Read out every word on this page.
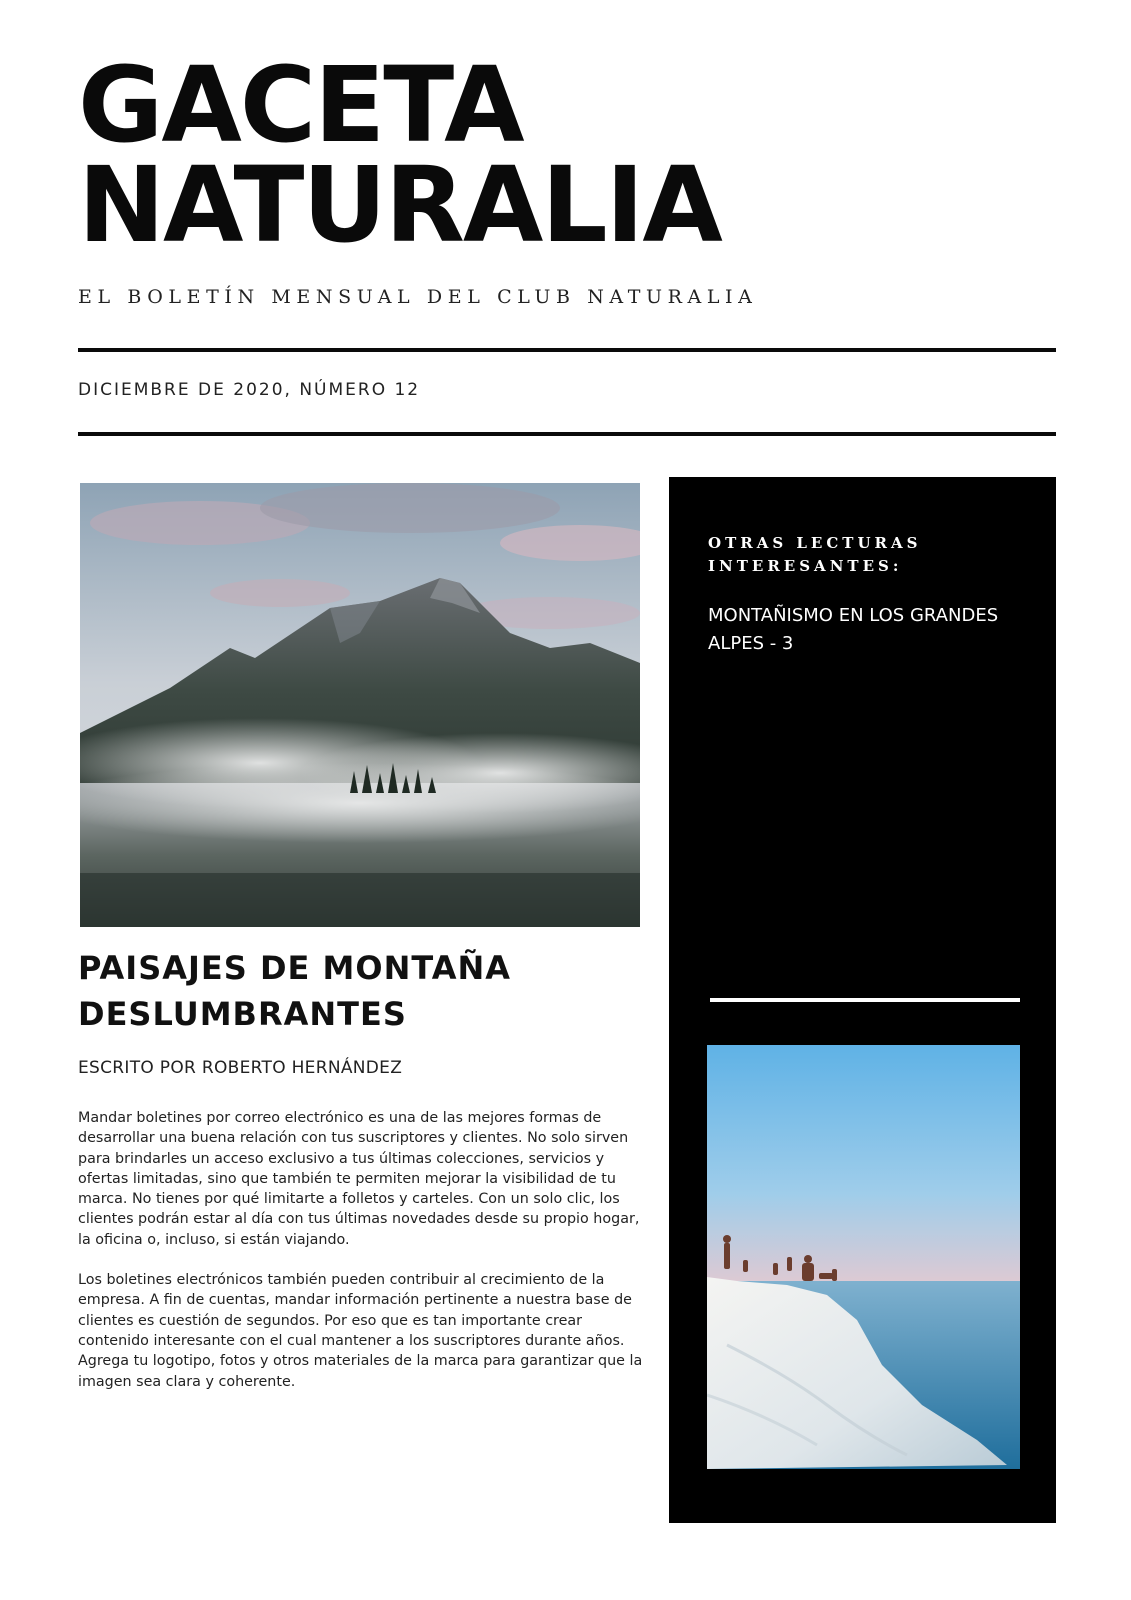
GACETA
NATURALIA
EL BOLETÍN MENSUAL DEL CLUB NATURALIA
DICIEMBRE DE 2020, NÚMERO 12
PAISAJES DE MONTAÑA DESLUMBRANTES
ESCRITO POR ROBERTO HERNÁNDEZ

Mandar boletines por correo electrónico es una de las mejores formas de desarrollar una buena relación con tus suscriptores y clientes. No solo sirven para brindarles un acceso exclusivo a tus últimas colecciones, servicios y ofertas limitadas, sino que también te permiten mejorar la visibilidad de tu marca. No tienes por qué limitarte a folletos y carteles. Con un solo clic, los clientes podrán estar al día con tus últimas novedades desde su propio hogar, la oficina o, incluso, si están viajando.

Los boletines electrónicos también pueden contribuir al crecimiento de la empresa. A fin de cuentas, mandar información pertinente a nuestra base de clientes es cuestión de segundos. Por eso que es tan importante crear contenido interesante con el cual mantener a los suscriptores durante años. Agrega tu logotipo, fotos y otros materiales de la marca para garantizar que la imagen sea clara y coherente.

OTRAS LECTURAS INTERESANTES:
MONTAÑISMO EN LOS GRANDES ALPES - 3
